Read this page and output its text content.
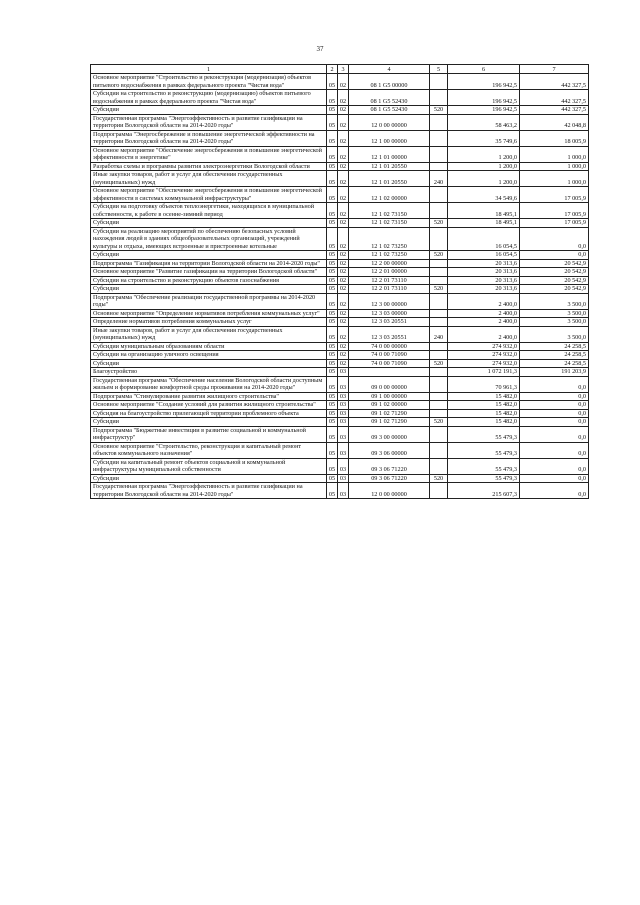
37
1	2	3	4	5	6	7
Основное мероприятие "Строительство и реконструкция (модернизация) объектов питьевого водоснабжения в рамках федерального проекта "Чистая вода"	05	02	08 1 G5 00000		196 942,5	442 327,5
Субсидии на строительство и реконструкцию (модернизацию) объектов питьевого водоснабжения в рамках федерального проекта "Чистая вода"	05	02	08 1 G5 52430		196 942,5	442 327,5
Субсидии	05	02	08 1 G5 52430	520	196 942,5	442 327,5
Государственная программа "Энергоэффективность и развитие газификации на территории Вологодской области на 2014-2020 годы"	05	02	12 0 00 00000		58 463,2	42 048,8
Подпрограмма "Энергосбережение и повышение энергетической эффективности на территории Вологодской области на 2014-2020 годы"	05	02	12 1 00 00000		35 749,6	18 005,9
Основное мероприятие "Обеспечение энергосбережения и повышение энергетической эффективности в энергетике"	05	02	12 1 01 00000		1 200,0	1 000,0
Разработка схемы и программы развития электроэнергетики Вологодской области	05	02	12 1 01 20550		1 200,0	1 000,0
Иные закупки товаров, работ и услуг для обеспечения государственных (муниципальных) нужд	05	02	12 1 01 20550	240	1 200,0	1 000,0
Основное мероприятие "Обеспечение энергосбережения и повышение энергетической эффективности в системах коммунальной инфраструктуры"	05	02	12 1 02 00000		34 549,6	17 005,9
Субсидии на подготовку объектов теплоэнергетики, находящихся в муниципальной собственности, к работе в осенне-зимний период	05	02	12 1 02 73150		18 495,1	17 005,9
Субсидии	05	02	12 1 02 73150	520	18 495,1	17 005,9
Субсидии на реализацию мероприятий по обеспечению безопасных условий нахождения людей в зданиях общеобразовательных организаций, учреждений культуры и отдыха, имеющих встроенные и пристроенные котельные	05	02	12 1 02 73250		16 054,5	0,0
Субсидии	05	02	12 1 02 73250	520	16 054,5	0,0
Подпрограмма "Газификация на территории Вологодской области на 2014-2020 годы"	05	02	12 2 00 00000		20 313,6	20 542,9
Основное мероприятие "Развитие газификации на территории Вологодской области"	05	02	12 2 01 00000		20 313,6	20 542,9
Субсидии на строительство и реконструкцию объектов газоснабжения	05	02	12 2 01 73110		20 313,6	20 542,9
Субсидии	05	02	12 2 01 73110	520	20 313,6	20 542,9
Подпрограмма "Обеспечение реализации государственной программы на 2014-2020 годы"	05	02	12 3 00 00000		2 400,0	3 500,0
Основное мероприятие "Определение нормативов потребления коммунальных услуг"	05	02	12 3 03 00000		2 400,0	3 500,0
Определение нормативов потребления коммунальных услуг	05	02	12 3 03 20551		2 400,0	3 500,0
Иные закупки товаров, работ и услуг для обеспечения государственных (муниципальных) нужд	05	02	12 3 03 20551	240	2 400,0	3 500,0
Субсидии муниципальным образованиям области	05	02	74 0 00 00000		274 932,0	24 258,5
Субсидии на организацию уличного освещения	05	02	74 0 00 71090		274 932,0	24 258,5
Субсидии	05	02	74 0 00 71090	520	274 932,0	24 258,5
Благоустройство	05	03			1 072 191,3	191 203,9
Государственная программа "Обеспечение населения Вологодской области доступным жильем и формирование комфортной среды проживания на 2014-2020 годы"	05	03	09 0 00 00000		70 961,3	0,0
Подпрограмма "Стимулирование развития жилищного строительства"	05	03	09 1 00 00000		15 482,0	0,0
Основное мероприятие "Создание условий для развития жилищного строительства"	05	03	09 1 02 00000		15 482,0	0,0
Субсидия на благоустройство прилегающей территории проблемного объекта	05	03	09 1 02 71290		15 482,0	0,0
Субсидии	05	03	09 1 02 71290	520	15 482,0	0,0
Подпрограмма "Бюджетные инвестиции в развитие социальной и коммунальной инфраструктур"	05	03	09 3 00 00000		55 479,3	0,0
Основное мероприятие "Строительство, реконструкция и капитальный ремонт объектов коммунального назначения"	05	03	09 3 06 00000		55 479,3	0,0
Субсидии на капитальный ремонт объектов социальной и коммунальной инфраструктуры муниципальной собственности	05	03	09 3 06 71220		55 479,3	0,0
Субсидии	05	03	09 3 06 71220	520	55 479,3	0,0
Государственная программа "Энергоэффективность и развитие газификации на территории Вологодской области на 2014-2020 годы"	05	03	12 0 00 00000		215 607,3	0,0
